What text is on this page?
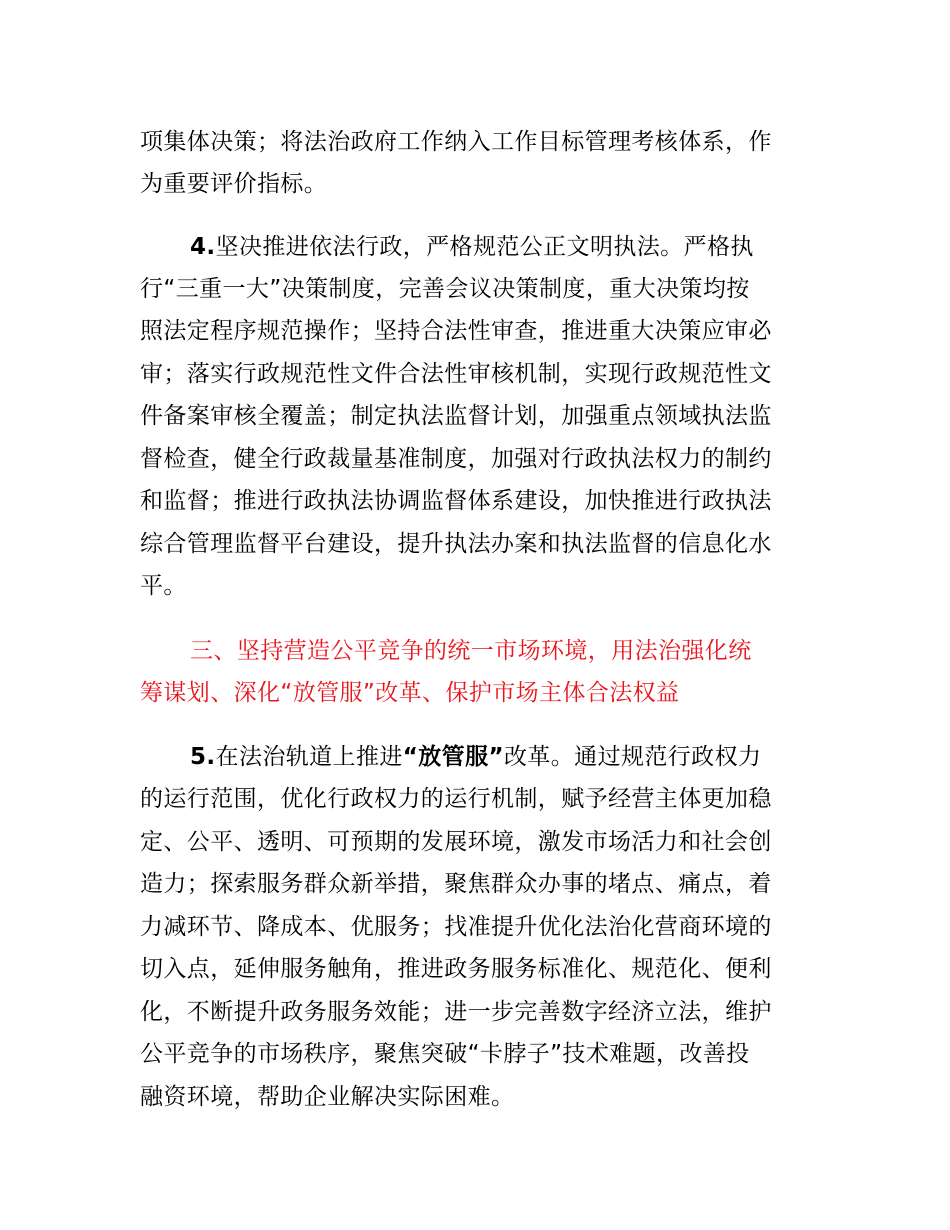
项集体决策；将法治政府工作纳入工作目标管理考核体系，作
为重要评价指标。
4.坚决推进依法行政，严格规范公正文明执法。严格执
行“三重一大”决策制度，完善会议决策制度，重大决策均按
照法定程序规范操作；坚持合法性审查，推进重大决策应审必
审；落实行政规范性文件合法性审核机制，实现行政规范性文
件备案审核全覆盖；制定执法监督计划，加强重点领域执法监
督检查，健全行政裁量基准制度，加强对行政执法权力的制约
和监督；推进行政执法协调监督体系建设，加快推进行政执法
综合管理监督平台建设，提升执法办案和执法监督的信息化水
平。
三、坚持营造公平竞争的统一市场环境，用法治强化统
筹谋划、深化“放管服”改革、保护市场主体合法权益
5.在法治轨道上推进“放管服”改革。通过规范行政权力
的运行范围，优化行政权力的运行机制，赋予经营主体更加稳
定、公平、透明、可预期的发展环境，激发市场活力和社会创
造力；探索服务群众新举措，聚焦群众办事的堵点、痛点，着
力减环节、降成本、优服务；找准提升优化法治化营商环境的
切入点，延伸服务触角，推进政务服务标准化、规范化、便利
化，不断提升政务服务效能；进一步完善数字经济立法，维护
公平竞争的市场秩序，聚焦突破“卡脖子”技术难题，改善投
融资环境，帮助企业解决实际困难。
